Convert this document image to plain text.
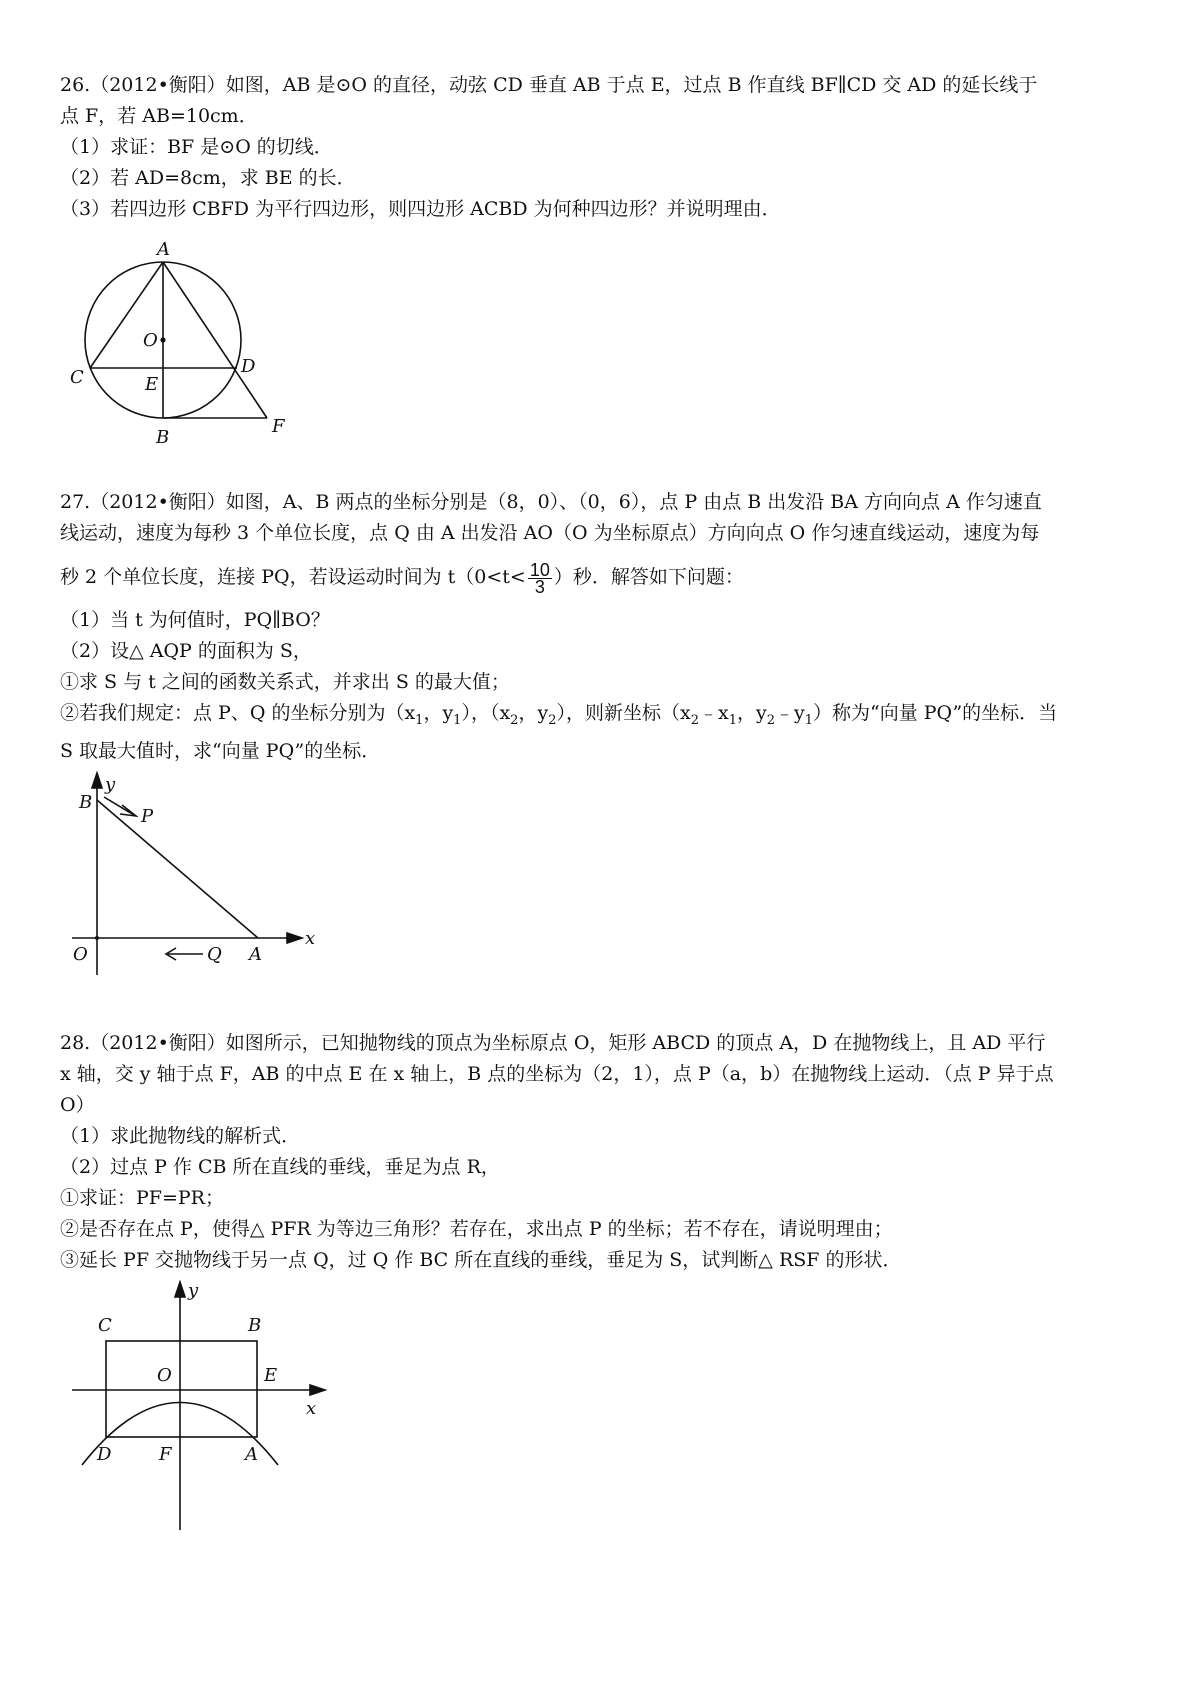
26.（2012•衡阳）如图，AB 是⊙O 的直径，动弦 CD 垂直 AB 于点 E，过点 B 作直线 BF∥CD 交 AD 的延长线于

点 F，若 AB=10cm．

（1）求证：BF 是⊙O 的切线．

（2）若 AD=8cm，求 BE 的长．

（3）若四边形 CBFD 为平行四边形，则四边形 ACBD 为何种四边形？并说明理由．

A
O
C
D
E
B
F

27.（2012•衡阳）如图，A、B 两点的坐标分别是（8，0）、（0，6），点 P 由点 B 出发沿 BA 方向向点 A 作匀速直

线运动，速度为每秒 3 个单位长度，点 Q 由 A 出发沿 AO（O 为坐标原点）方向向点 O 作匀速直线运动，速度为每

秒 2 个单位长度，连接 PQ，若设运动时间为 $t(0<t< \frac{10}{3}$ ）秒．解答如下问题：

（1）当 t 为何值时，PQ∥BO？

（2）设△ AQP 的面积为 S，

①求 S 与 t 之间的函数关系式，并求出 S 的最大值；

②若我们规定：点 P、Q 的坐标分别为（$x_1$，$y_1$），（$x_2$，$y_2$），则新坐标（$x_2﹣x_1$，$y_2﹣y_1$）称为“向量 PQ”的坐标．当

S 取最大值时，求“向量 PQ”的坐标．

y
x
B
P
O	Q A

28.（2012•衡阳）如图所示，已知抛物线的顶点为坐标原点 O，矩形 ABCD 的顶点 A，D 在抛物线上，且 AD 平行

x 轴，交 y 轴于点 F，AB 的中点 E 在 x 轴上，B 点的坐标为（2，1），点 P（a，b）在抛物线上运动．（点 P 异于点

O）

（1）求此抛物线的解析式．

（2）过点 P 作 CB 所在直线的垂线，垂足为点 R，

①求证：PF=PR；

②是否存在点 P，使得△ PFR 为等边三角形？若存在，求出点 P 的坐标；若不存在，请说明理由；

③延长 PF 交抛物线于另一点 Q，过 Q 作 BC 所在直线的垂线，垂足为 S，试判断△ RSF 的形状．

y
x
C	B
O	E
D	F	A
